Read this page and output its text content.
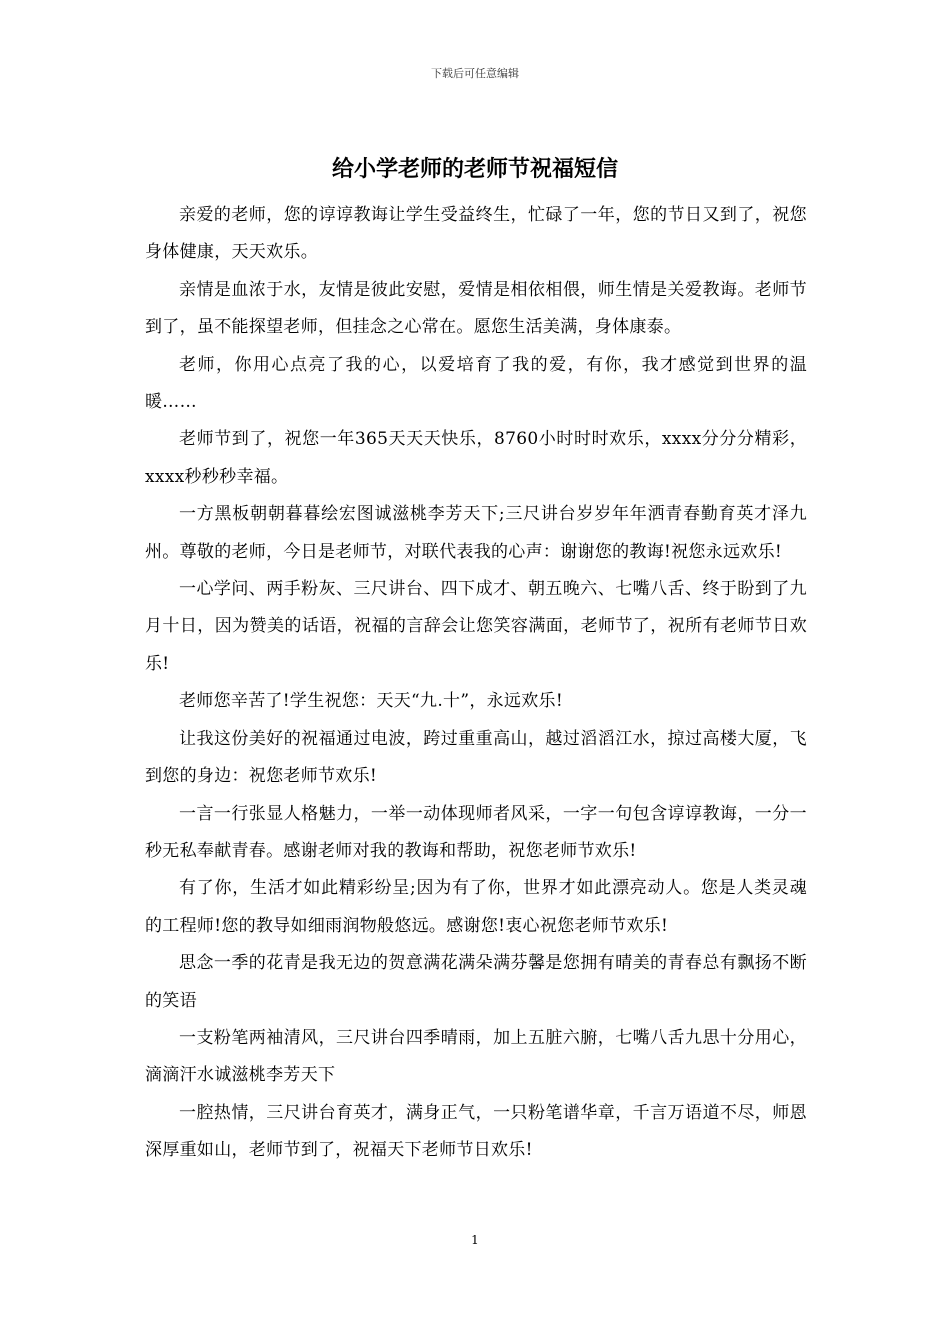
下载后可任意编辑
给小学老师的老师节祝福短信

亲爱的老师，您的谆谆教诲让学生受益终生，忙碌了一年，您的节日又到了，祝您身体健康，天天欢乐。

亲情是血浓于水，友情是彼此安慰，爱情是相依相偎，师生情是关爱教诲。老师节到了，虽不能探望老师，但挂念之心常在。愿您生活美满，身体康泰。

老师，你用心点亮了我的心，以爱培育了我的爱，有你，我才感觉到世界的温暖……

老师节到了，祝您一年365天天天快乐，8760小时时时欢乐，xxxx分分分精彩，xxxx秒秒秒幸福。

一方黑板朝朝暮暮绘宏图诚滋桃李芳天下;三尺讲台岁岁年年洒青春勤育英才泽九州。尊敬的老师，今日是老师节，对联代表我的心声：谢谢您的教诲!祝您永远欢乐!

一心学问、两手粉灰、三尺讲台、四下成才、朝五晚六、七嘴八舌、终于盼到了九月十日，因为赞美的话语，祝福的言辞会让您笑容满面，老师节了，祝所有老师节日欢乐!

老师您辛苦了!学生祝您：天天“九.十”，永远欢乐!

让我这份美好的祝福通过电波，跨过重重高山，越过滔滔江水，掠过高楼大厦，飞到您的身边：祝您老师节欢乐!

一言一行张显人格魅力，一举一动体现师者风采，一字一句包含谆谆教诲，一分一秒无私奉献青春。感谢老师对我的教诲和帮助，祝您老师节欢乐!

有了你，生活才如此精彩纷呈;因为有了你，世界才如此漂亮动人。您是人类灵魂的工程师!您的教导如细雨润物般悠远。感谢您!衷心祝您老师节欢乐!

思念一季的花青是我无边的贺意满花满朵满芬馨是您拥有晴美的青春总有飘扬不断的笑语

一支粉笔两袖清风，三尺讲台四季晴雨，加上五脏六腑，七嘴八舌九思十分用心，滴滴汗水诚滋桃李芳天下

一腔热情，三尺讲台育英才，满身正气，一只粉笔谱华章，千言万语道不尽，师恩深厚重如山，老师节到了，祝福天下老师节日欢乐!

1
